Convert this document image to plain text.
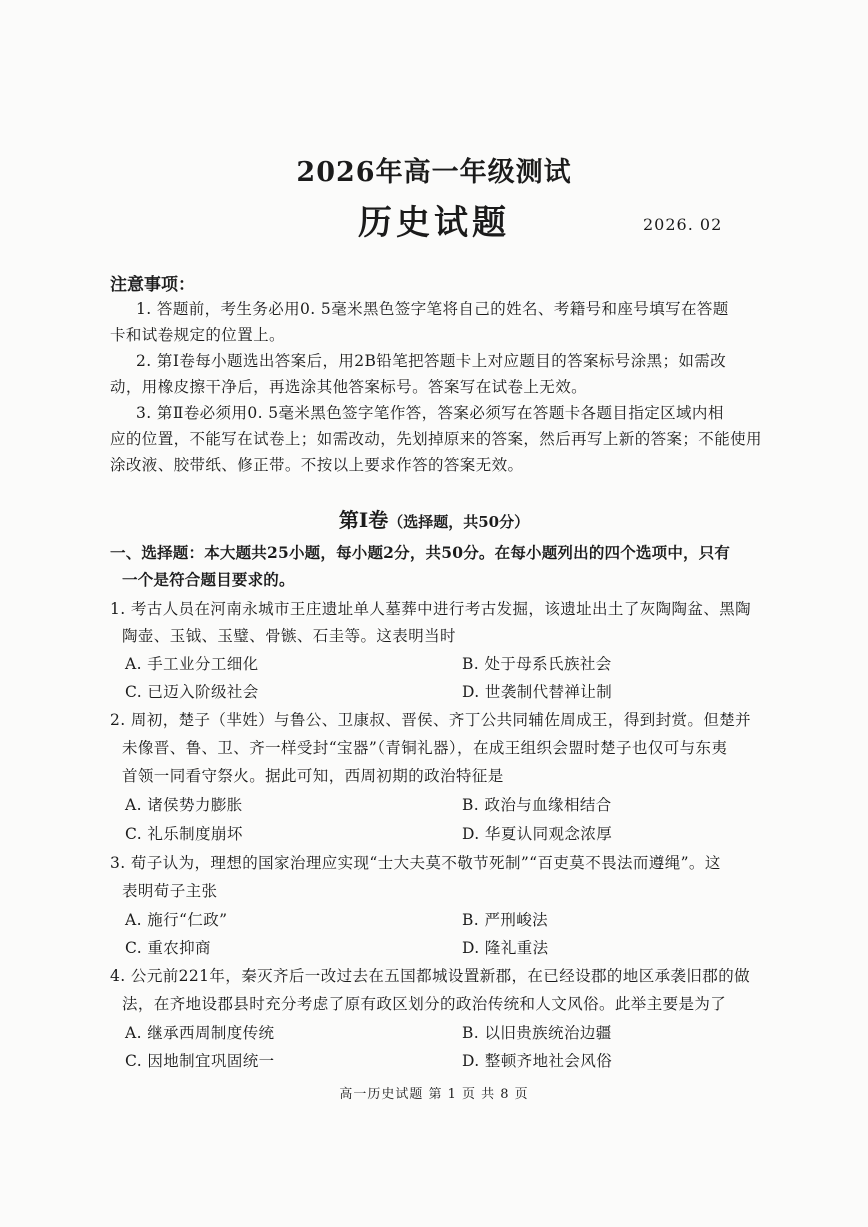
2026年高一年级测试
历史试题	2026. 02
注意事项：
1. 答题前，考生务必用0. 5毫米黑色签字笔将自己的姓名、考籍号和座号填写在答题
卡和试卷规定的位置上。
2. 第Ⅰ卷每小题选出答案后，用2B铅笔把答题卡上对应题目的答案标号涂黑；如需改
动，用橡皮擦干净后，再选涂其他答案标号。答案写在试卷上无效。
3. 第Ⅱ卷必须用0. 5毫米黑色签字笔作答，答案必须写在答题卡各题目指定区域内相
应的位置，不能写在试卷上；如需改动，先划掉原来的答案，然后再写上新的答案；不能使用
涂改液、胶带纸、修正带。不按以上要求作答的答案无效。
第Ⅰ卷（选择题，共50分）
一、选择题：本大题共25小题，每小题2分，共50分。在每小题列出的四个选项中，只有
一个是符合题目要求的。
1. 考古人员在河南永城市王庄遗址单人墓葬中进行考古发掘，该遗址出土了灰陶陶盆、黑陶
陶壶、玉钺、玉璧、骨镞、石圭等。这表明当时
A. 手工业分工细化	B. 处于母系氏族社会
C. 已迈入阶级社会	D. 世袭制代替禅让制
2. 周初，楚子（芈姓）与鲁公、卫康叔、晋侯、齐丁公共同辅佐周成王，得到封赏。但楚并
未像晋、鲁、卫、齐一样受封“宝器”（青铜礼器），在成王组织会盟时楚子也仅可与东夷
首领一同看守祭火。据此可知，西周初期的政治特征是
A. 诸侯势力膨胀	B. 政治与血缘相结合
C. 礼乐制度崩坏	D. 华夏认同观念浓厚
3. 荀子认为，理想的国家治理应实现“士大夫莫不敬节死制”“百吏莫不畏法而遵绳”。这
表明荀子主张
A. 施行“仁政”	B. 严刑峻法
C. 重农抑商	D. 隆礼重法
4. 公元前221年，秦灭齐后一改过去在五国都城设置新郡，在已经设郡的地区承袭旧郡的做
法，在齐地设郡县时充分考虑了原有政区划分的政治传统和人文风俗。此举主要是为了
A. 继承西周制度传统	B. 以旧贵族统治边疆
C. 因地制宜巩固统一	D. 整顿齐地社会风俗
高一历史试题 第 1 页 共 8 页
